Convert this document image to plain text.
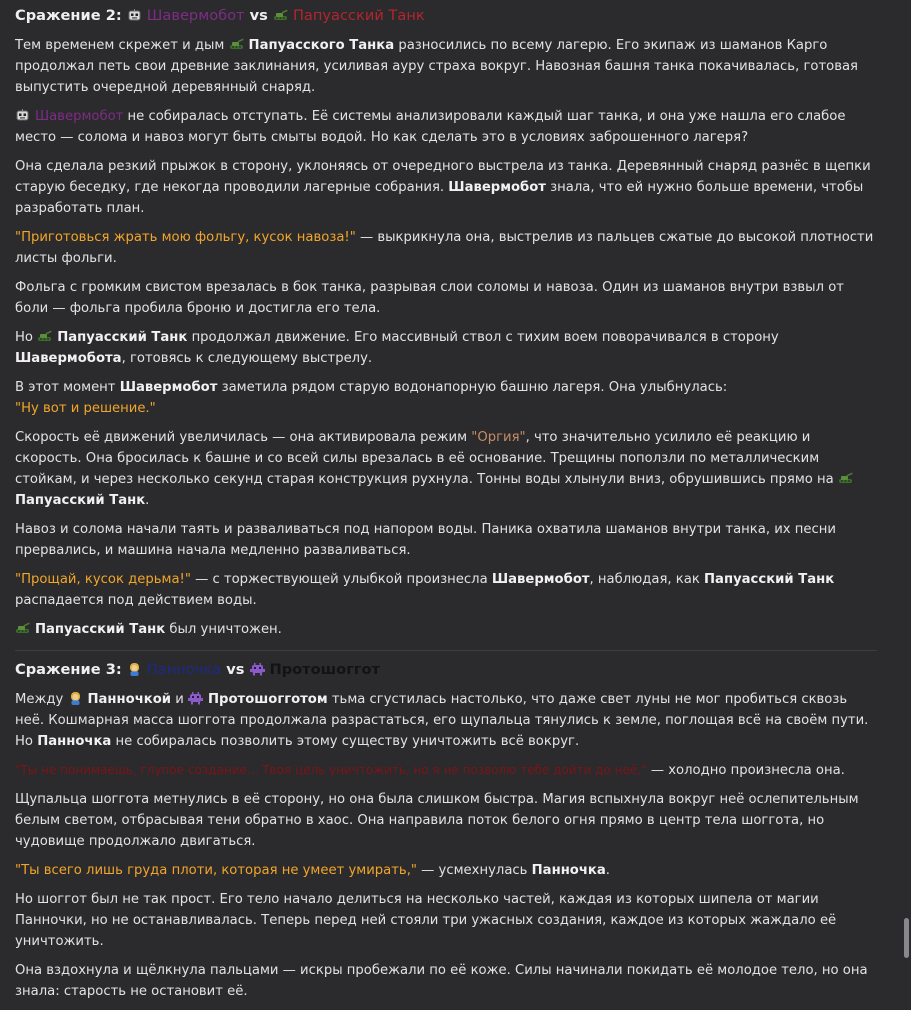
Сражение 2: Шавермобот vs Папуасский Танк

Тем временем скрежет и дым Папуасского Танка разносились по всему лагерю. Его экипаж из шаманов Карго продолжал петь свои древние заклинания, усиливая ауру страха вокруг. Навозная башня танка покачивалась, готовая выпустить очередной деревянный снаряд.

Шавермобот не собиралась отступать. Её системы анализировали каждый шаг танка, и она уже нашла его слабое место — солома и навоз могут быть смыты водой. Но как сделать это в условиях заброшенного лагеря?

Она сделала резкий прыжок в сторону, уклоняясь от очередного выстрела из танка. Деревянный снаряд разнёс в щепки старую беседку, где некогда проводили лагерные собрания. Шавермобот знала, что ей нужно больше времени, чтобы разработать план.

"Приготовься жрать мою фольгу, кусок навоза!" — выкрикнула она, выстрелив из пальцев сжатые до высокой плотности листы фольги.

Фольга с громким свистом врезалась в бок танка, разрывая слои соломы и навоза. Один из шаманов внутри взвыл от боли — фольга пробила броню и достигла его тела.

Но Папуасский Танк продолжал движение. Его массивный ствол с тихим воем поворачивался в сторону Шавермобота, готовясь к следующему выстрелу.

В этот момент Шавермобот заметила рядом старую водонапорную башню лагеря. Она улыбнулась:
"Ну вот и решение."

Скорость её движений увеличилась — она активировала режим "Оргия", что значительно усилило её реакцию и скорость. Она бросилась к башне и со всей силы врезалась в её основание. Трещины поползли по металлическим стойкам, и через несколько секунд старая конструкция рухнула. Тонны воды хлынули вниз, обрушившись прямо на Папуасский Танк.

Навоз и солома начали таять и разваливаться под напором воды. Паника охватила шаманов внутри танка, их песни прервались, и машина начала медленно разваливаться.

"Прощай, кусок дерьма!" — с торжествующей улыбкой произнесла Шавермобот, наблюдая, как Папуасский Танк распадается под действием воды.

Папуасский Танк был уничтожен.

Сражение 3: Панночка vs Протошоггот

Между Панночкой и Протошогготом тьма сгустилась настолько, что даже свет луны не мог пробиться сквозь неё. Кошмарная масса шоггота продолжала разрастаться, его щупальца тянулись к земле, поглощая всё на своём пути. Но Панночка не собиралась позволить этому существу уничтожить всё вокруг.

"Ты не понимаешь, глупое создание... Твоя цель уничтожить, но я не позволю тебе дойти до неё," — холодно произнесла она.

Щупальца шоггота метнулись в её сторону, но она была слишком быстра. Магия вспыхнула вокруг неё ослепительным белым светом, отбрасывая тени обратно в хаос. Она направила поток белого огня прямо в центр тела шоггота, но чудовище продолжало двигаться.

"Ты всего лишь груда плоти, которая не умеет умирать," — усмехнулась Панночка.

Но шоггот был не так прост. Его тело начало делиться на несколько частей, каждая из которых шипела от магии Панночки, но не останавливалась. Теперь перед ней стояли три ужасных создания, каждое из которых жаждало её уничтожить.

Она вздохнула и щёлкнула пальцами — искры пробежали по её коже. Силы начинали покидать её молодое тело, но она знала: старость не остановит её.
